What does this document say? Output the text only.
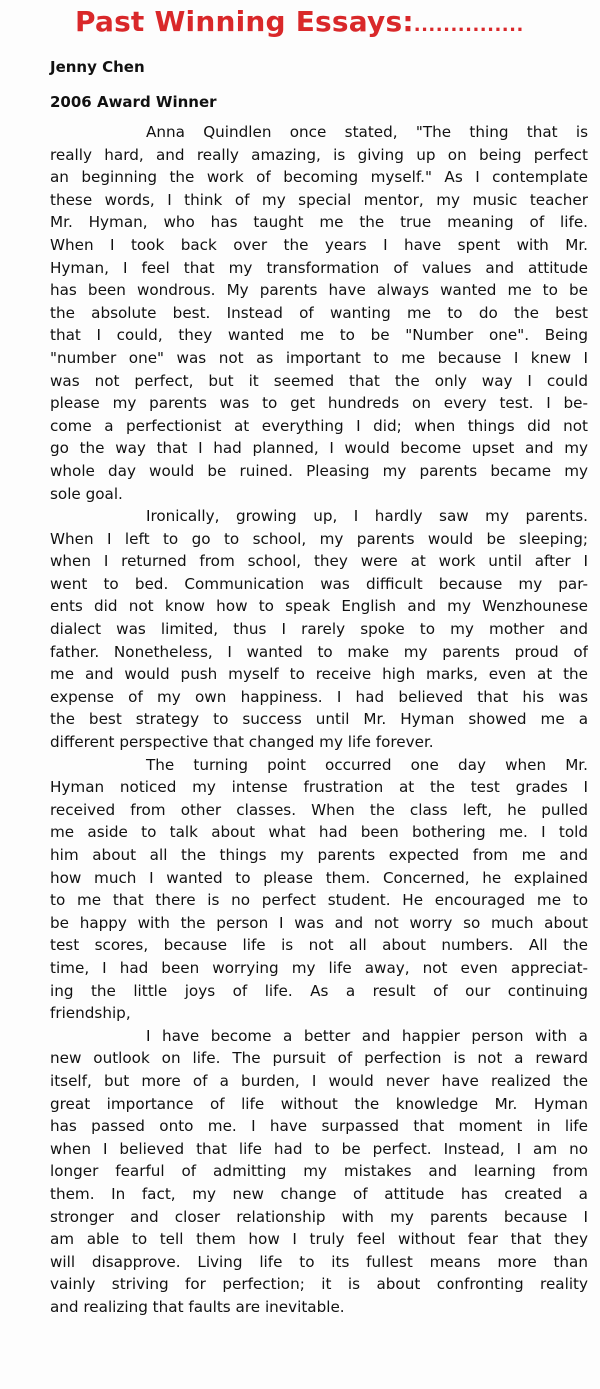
Past Winning Essays:...............
Jenny Chen
2006 Award Winner
Anna Quindlen once stated, "The thing that is
really hard, and really amazing, is giving up on being perfect
an beginning the work of becoming myself." As I contemplate
these words, I think of my special mentor, my music teacher
Mr. Hyman, who has taught me the true meaning of life.
When I took back over the years I have spent with Mr.
Hyman, I feel that my transformation of values and attitude
has been wondrous. My parents have always wanted me to be
the absolute best. Instead of wanting me to do the best
that I could, they wanted me to be "Number one". Being
"number one" was not as important to me because I knew I
was not perfect, but it seemed that the only way I could
please my parents was to get hundreds on every test. I be-
come a perfectionist at everything I did; when things did not
go the way that I had planned, I would become upset and my
whole day would be ruined. Pleasing my parents became my
sole goal.
Ironically, growing up, I hardly saw my parents.
When I left to go to school, my parents would be sleeping;
when I returned from school, they were at work until after I
went to bed. Communication was difficult because my par-
ents did not know how to speak English and my Wenzhounese
dialect was limited, thus I rarely spoke to my mother and
father. Nonetheless, I wanted to make my parents proud of
me and would push myself to receive high marks, even at the
expense of my own happiness. I had believed that his was
the best strategy to success until Mr. Hyman showed me a
different perspective that changed my life forever.
The turning point occurred one day when Mr.
Hyman noticed my intense frustration at the test grades I
received from other classes. When the class left, he pulled
me aside to talk about what had been bothering me. I told
him about all the things my parents expected from me and
how much I wanted to please them. Concerned, he explained
to me that there is no perfect student. He encouraged me to
be happy with the person I was and not worry so much about
test scores, because life is not all about numbers. All the
time, I had been worrying my life away, not even appreciat-
ing the little joys of life. As a result of our continuing
friendship,
I have become a better and happier person with a
new outlook on life. The pursuit of perfection is not a reward
itself, but more of a burden, I would never have realized the
great importance of life without the knowledge Mr. Hyman
has passed onto me. I have surpassed that moment in life
when I believed that life had to be perfect. Instead, I am no
longer fearful of admitting my mistakes and learning from
them. In fact, my new change of attitude has created a
stronger and closer relationship with my parents because I
am able to tell them how I truly feel without fear that they
will disapprove. Living life to its fullest means more than
vainly striving for perfection; it is about confronting reality
and realizing that faults are inevitable.
